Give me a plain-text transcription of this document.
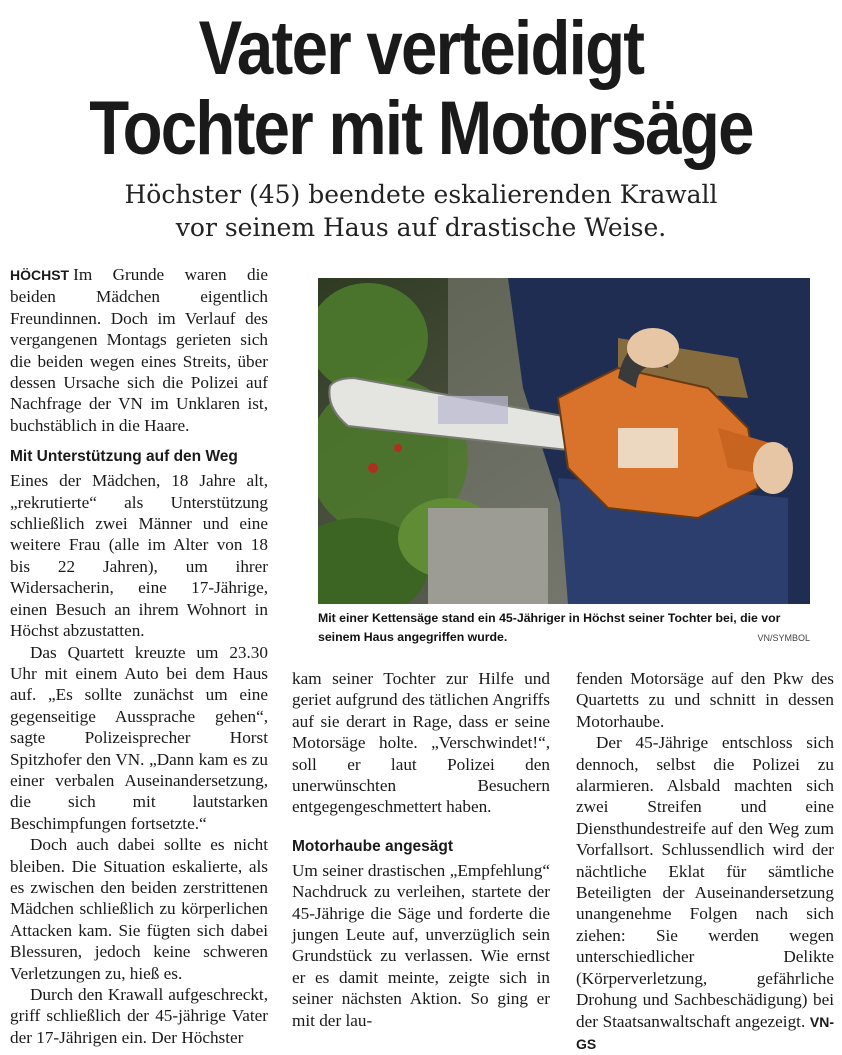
Vater verteidigt
Tochter mit Motorsäge
Höchster (45) beendete eskalierenden Krawall
vor seinem Haus auf drastische Weise.

HÖCHST Im Grunde waren die beiden Mädchen eigentlich Freundinnen. Doch im Verlauf des vergangenen Montags gerieten sich die beiden wegen eines Streits, über dessen Ursache sich die Polizei auf Nachfrage der VN im Unklaren ist, buchstäblich in die Haare.

Mit Unterstützung auf den Weg

Eines der Mädchen, 18 Jahre alt, „rekrutierte“ als Unterstützung schließlich zwei Männer und eine weitere Frau (alle im Alter von 18 bis 22 Jahren), um ihrer Widersacherin, eine 17-Jährige, einen Besuch an ihrem Wohnort in Höchst abzustatten.

Das Quartett kreuzte um 23.30 Uhr mit einem Auto bei dem Haus auf. „Es sollte zunächst um eine gegenseitige Aussprache gehen“, sagte Polizeisprecher Horst Spitzhofer den VN. „Dann kam es zu einer verbalen Auseinandersetzung, die sich mit lautstarken Beschimpfungen fortsetzte.“

Doch auch dabei sollte es nicht bleiben. Die Situation eskalierte, als es zwischen den beiden zerstrittenen Mädchen schließlich zu körperlichen Attacken kam. Sie fügten sich dabei Blessuren, jedoch keine schweren Verletzungen zu, hieß es.

Durch den Krawall aufgeschreckt, griff schließlich der 45-jährige Vater der 17-Jährigen ein. Der Höchster

Mit einer Kettensäge stand ein 45-Jähriger in Höchst seiner Tochter bei, die vor seinem Haus angegriffen wurde.	VN/SYMBOL

kam seiner Tochter zur Hilfe und geriet aufgrund des tätlichen Angriffs auf sie derart in Rage, dass er seine Motorsäge holte. „Verschwindet!“, soll er laut Polizei den unerwünschten Besuchern entgegengeschmettert haben.

Motorhaube angesägt

Um seiner drastischen „Empfehlung“ Nachdruck zu verleihen, startete der 45-Jährige die Säge und forderte die jungen Leute auf, unverzüglich sein Grundstück zu verlassen. Wie ernst er es damit meinte, zeigte sich in seiner nächsten Aktion. So ging er mit der lau-

fenden Motorsäge auf den Pkw des Quartetts zu und schnitt in dessen Motorhaube.

Der 45-Jährige entschloss sich dennoch, selbst die Polizei zu alarmieren. Alsbald machten sich zwei Streifen und eine Diensthundestreife auf den Weg zum Vorfallsort. Schlussendlich wird der nächtliche Eklat für sämtliche Beteiligten der Auseinandersetzung unangenehme Folgen nach sich ziehen: Sie werden wegen unterschiedlicher Delikte (Körperverletzung, gefährliche Drohung und Sachbeschädigung) bei der Staatsanwaltschaft angezeigt. VN-GS
